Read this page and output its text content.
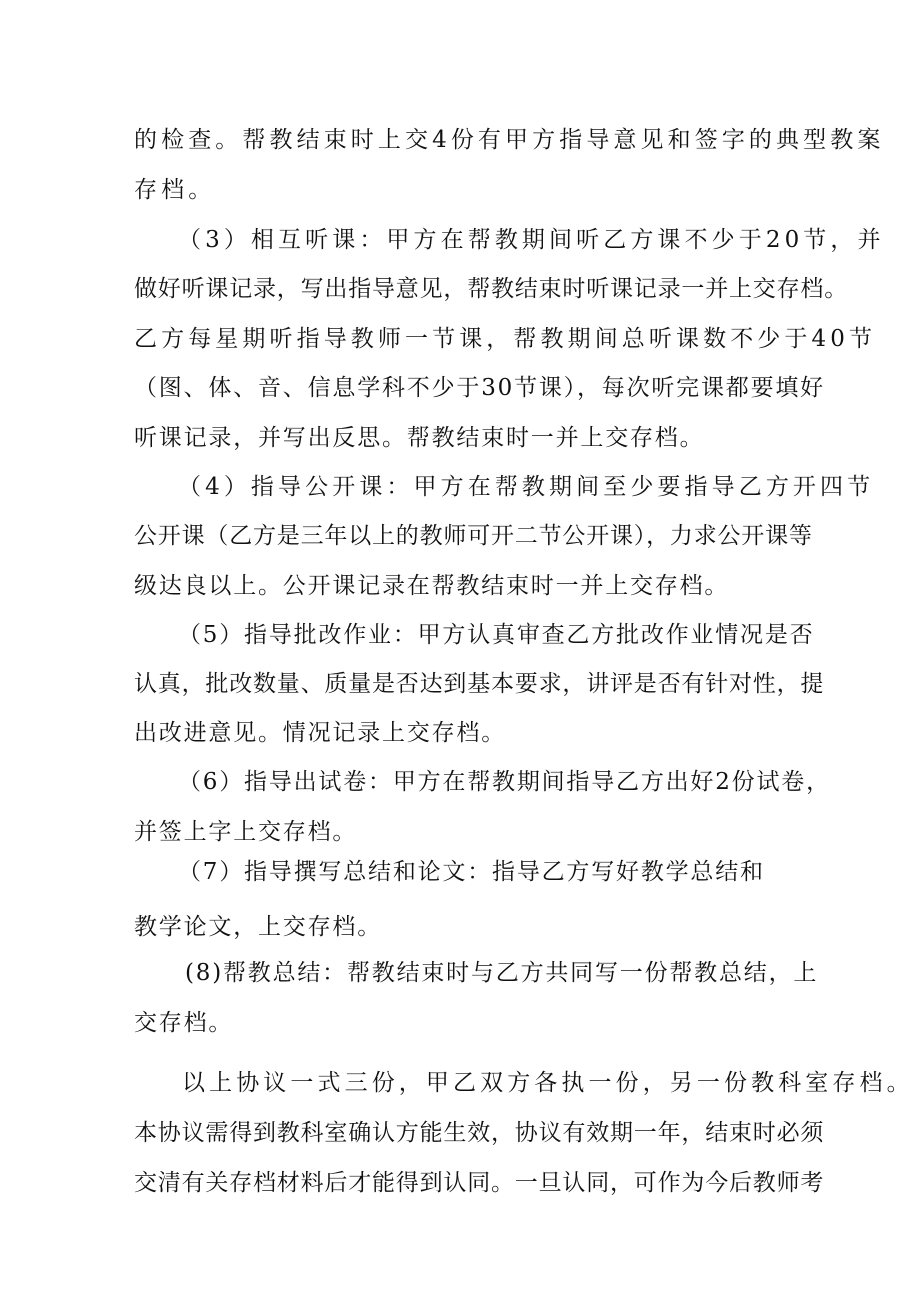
的检查。帮教结束时上交4份有甲方指导意见和签字的典型教案
存档。
（3）相互听课：甲方在帮教期间听乙方课不少于20节，并
做好听课记录，写出指导意见，帮教结束时听课记录一并上交存档。
乙方每星期听指导教师一节课，帮教期间总听课数不少于40节
（图、体、音、信息学科不少于30节课），每次听完课都要填好
听课记录，并写出反思。帮教结束时一并上交存档。
（4）指导公开课：甲方在帮教期间至少要指导乙方开四节
公开课（乙方是三年以上的教师可开二节公开课），力求公开课等
级达良以上。公开课记录在帮教结束时一并上交存档。
（5）指导批改作业：甲方认真审查乙方批改作业情况是否
认真，批改数量、质量是否达到基本要求，讲评是否有针对性，提
出改进意见。情况记录上交存档。
（6）指导出试卷：甲方在帮教期间指导乙方出好2份试卷，
并签上字上交存档。
（7）指导撰写总结和论文：指导乙方写好教学总结和
教学论文，上交存档。
(8)帮教总结：帮教结束时与乙方共同写一份帮教总结，上
交存档。
以上协议一式三份，甲乙双方各执一份，另一份教科室存档。
本协议需得到教科室确认方能生效，协议有效期一年，结束时必须
交清有关存档材料后才能得到认同。一旦认同，可作为今后教师考
